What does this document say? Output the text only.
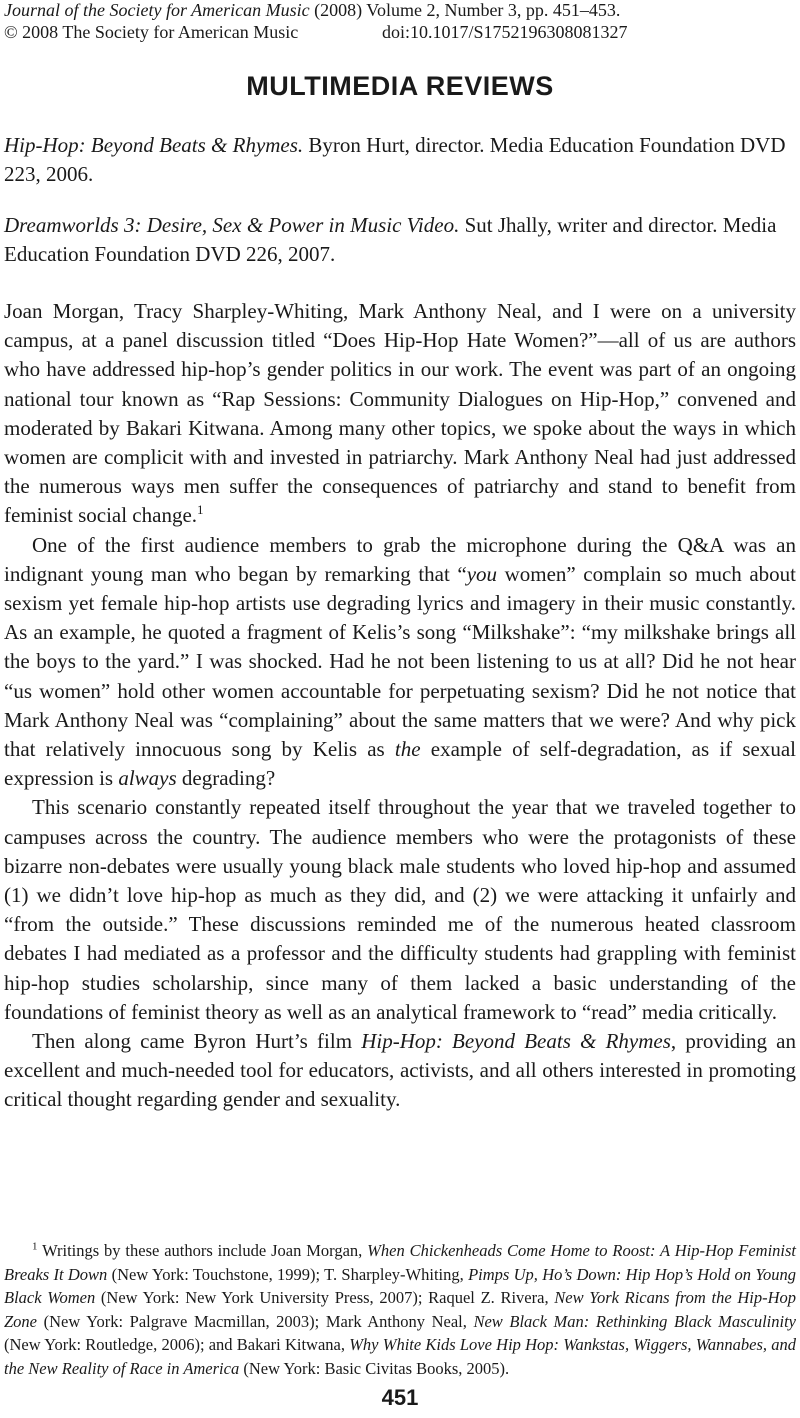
Journal of the Society for American Music (2008) Volume 2, Number 3, pp. 451–453.
© 2008 The Society for American Music	doi:10.1017/S1752196308081327
MULTIMEDIA REVIEWS
Hip-Hop: Beyond Beats & Rhymes. Byron Hurt, director. Media Education Foundation DVD 223, 2006.
Dreamworlds 3: Desire, Sex & Power in Music Video. Sut Jhally, writer and director. Media Education Foundation DVD 226, 2007.

Joan Morgan, Tracy Sharpley-Whiting, Mark Anthony Neal, and I were on a university campus, at a panel discussion titled “Does Hip-Hop Hate Women?”—all of us are authors who have addressed hip-hop’s gender politics in our work. The event was part of an ongoing national tour known as “Rap Sessions: Community Dialogues on Hip-Hop,” convened and moderated by Bakari Kitwana. Among many other topics, we spoke about the ways in which women are complicit with and invested in patriarchy. Mark Anthony Neal had just addressed the numerous ways men suffer the consequences of patriarchy and stand to benefit from feminist social change.$^1$

One of the first audience members to grab the microphone during the Q&A was an indignant young man who began by remarking that “you women” complain so much about sexism yet female hip-hop artists use degrading lyrics and imagery in their music constantly. As an example, he quoted a fragment of Kelis’s song “Milkshake”: “my milkshake brings all the boys to the yard.” I was shocked. Had he not been listening to us at all? Did he not hear “us women” hold other women accountable for perpetuating sexism? Did he not notice that Mark Anthony Neal was “complaining” about the same matters that we were? And why pick that relatively innocuous song by Kelis as the example of self-degradation, as if sexual expression is always degrading?

This scenario constantly repeated itself throughout the year that we traveled together to campuses across the country. The audience members who were the protagonists of these bizarre non-debates were usually young black male students who loved hip-hop and assumed (1) we didn’t love hip-hop as much as they did, and (2) we were attacking it unfairly and “from the outside.” These discussions reminded me of the numerous heated classroom debates I had mediated as a professor and the difficulty students had grappling with feminist hip-hop studies scholarship, since many of them lacked a basic understanding of the foundations of feminist theory as well as an analytical framework to “read” media critically.

Then along came Byron Hurt’s film Hip-Hop: Beyond Beats & Rhymes, providing an excellent and much-needed tool for educators, activists, and all others interested in promoting critical thought regarding gender and sexuality.

$^1$ Writings by these authors include Joan Morgan, When Chickenheads Come Home to Roost: A Hip-Hop Feminist Breaks It Down (New York: Touchstone, 1999); T. Sharpley-Whiting, Pimps Up, Ho’s Down: Hip Hop’s Hold on Young Black Women (New York: New York University Press, 2007); Raquel Z. Rivera, New York Ricans from the Hip-Hop Zone (New York: Palgrave Macmillan, 2003); Mark Anthony Neal, New Black Man: Rethinking Black Masculinity (New York: Routledge, 2006); and Bakari Kitwana, Why White Kids Love Hip Hop: Wankstas, Wiggers, Wannabes, and the New Reality of Race in America (New York: Basic Civitas Books, 2005).
451
